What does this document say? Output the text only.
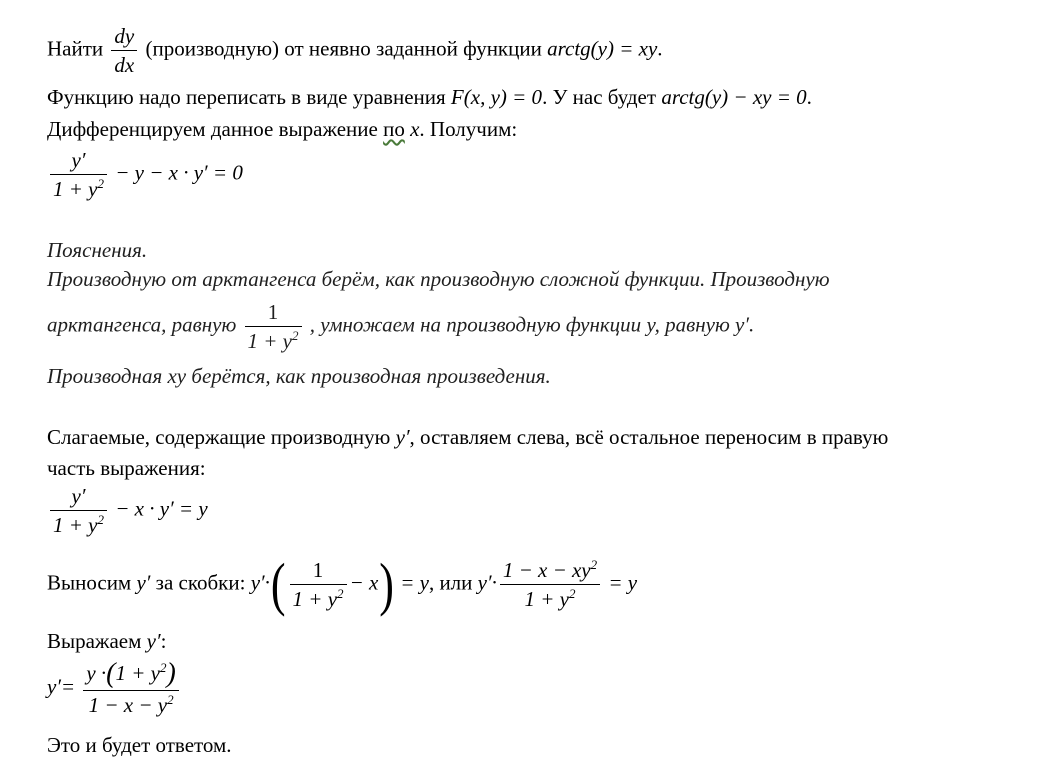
Найти $\frac{dy}{dx}$ (производную) от неявно заданной функции arctg(y) = xy.
Функцию надо переписать в виде уравнения F(x, y) = 0. У нас будет arctg(y) − xy = 0.
Дифференцируем данное выражение по x. Получим:
$\frac{y'}{1 + y^2} - y - x \cdot y' = 0$
Пояснения.
Производную от арктангенса берём, как производную сложной функции. Производную
арктангенса, равную $\frac{1}{1 + y^2}$ , умножаем на производную функции y, равную y′.
Производная xy берётся, как производная произведения.
Слагаемые, содержащие производную y′, оставляем слева, всё остальное переносим в правую
часть выражения:
$\frac{y'}{1 + y^2} - x \cdot y' = y$
Выносим y′ за скобки: $y'\cdot( \frac{1}{1 + y^2} - x) = y$, или $y'\cdot \frac{1 - x - xy^2}{1 + y^2} = y$
Выражаем y′:
$y'= \frac{y \cdot(1 + y^2)}{1 - x - y^2}$
Это и будет ответом.
